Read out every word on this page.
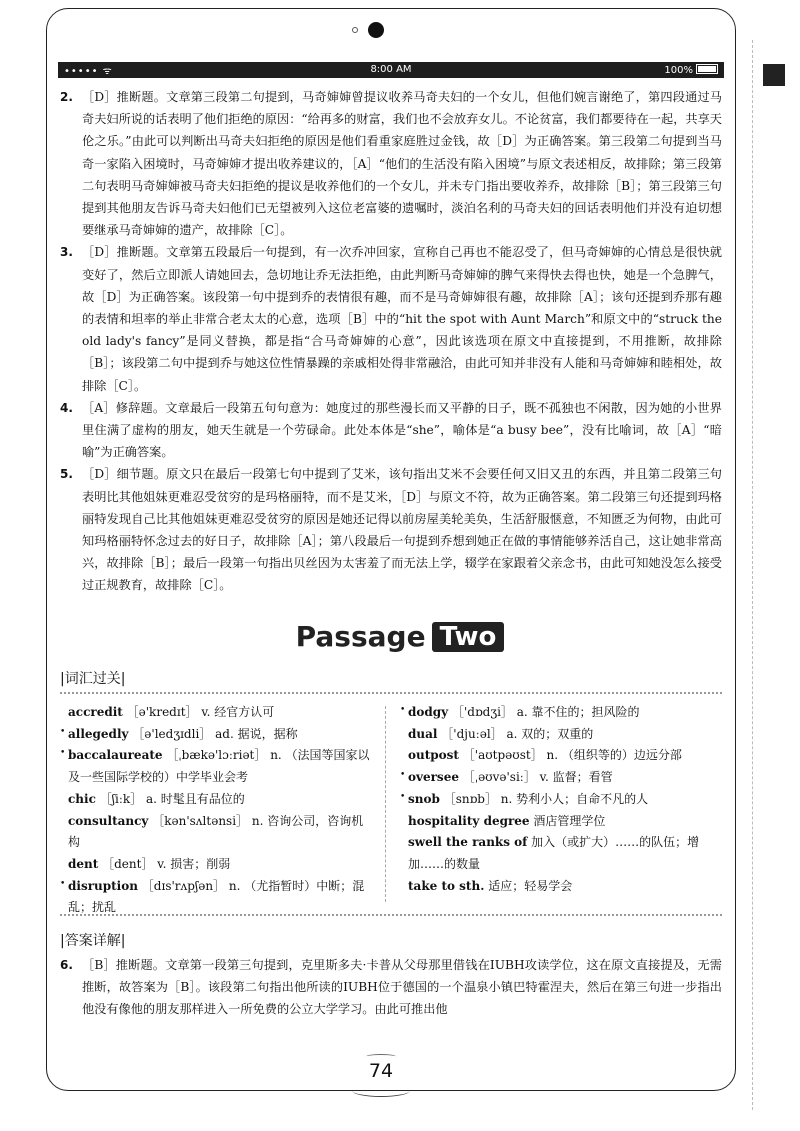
••••• ᯤ	8:00 AM	100%

2. ［D］推断题。文章第三段第二句提到，马奇婶婶曾提议收养马奇夫妇的一个女儿，但他们婉言谢绝了，第四段通过马奇夫妇所说的话表明了他们拒绝的原因：“给再多的财富，我们也不会放弃女儿。不论贫富，我们都要待在一起，共享天伦之乐。”由此可以判断出马奇夫妇拒绝的原因是他们看重家庭胜过金钱，故［D］为正确答案。第三段第二句提到当马奇一家陷入困境时，马奇婶婶才提出收养建议的，［A］“他们的生活没有陷入困境”与原文表述相反，故排除；第三段第二句表明马奇婶婶被马奇夫妇拒绝的提议是收养他们的一个女儿，并未专门指出要收养乔，故排除［B］；第三段第三句提到其他朋友告诉马奇夫妇他们已无望被列入这位老富婆的遗嘱时，淡泊名利的马奇夫妇的回话表明他们并没有迫切想要继承马奇婶婶的遗产，故排除［C］。

3. ［D］推断题。文章第五段最后一句提到，有一次乔冲回家，宣称自己再也不能忍受了，但马奇婶婶的心情总是很快就变好了，然后立即派人请她回去，急切地让乔无法拒绝，由此判断马奇婶婶的脾气来得快去得也快，她是一个急脾气，故［D］为正确答案。该段第一句中提到乔的表情很有趣，而不是马奇婶婶很有趣，故排除［A］；该句还提到乔那有趣的表情和坦率的举止非常合老太太的心意，选项［B］中的“hit the spot with Aunt March”和原文中的“struck the old lady's fancy”是同义替换，都是指“合马奇婶婶的心意”，因此该选项在原文中直接提到，不用推断，故排除［B］；该段第二句中提到乔与她这位性情暴躁的亲戚相处得非常融洽，由此可知并非没有人能和马奇婶婶和睦相处，故排除［C］。

4. ［A］修辞题。文章最后一段第五句句意为：她度过的那些漫长而又平静的日子，既不孤独也不闲散，因为她的小世界里住满了虚构的朋友，她天生就是一个劳碌命。此处本体是“she”，喻体是“a busy bee”，没有比喻词，故［A］“暗喻”为正确答案。

5. ［D］细节题。原文只在最后一段第七句中提到了艾米，该句指出艾米不会要任何又旧又丑的东西，并且第二段第三句表明比其他姐妹更难忍受贫穷的是玛格丽特，而不是艾米，［D］与原文不符，故为正确答案。第二段第三句还提到玛格丽特发现自己比其他姐妹更难忍受贫穷的原因是她还记得以前房屋美轮美奂，生活舒服惬意，不知匮乏为何物，由此可知玛格丽特怀念过去的好日子，故排除［A］；第八段最后一句提到乔想到她正在做的事情能够养活自己，这让她非常高兴，故排除［B］；最后一段第一句指出贝丝因为太害羞了而无法上学，辍学在家跟着父亲念书，由此可知她没怎么接受过正规教育，故排除［C］。

Passage Two
|词汇过关|
accredit ［ə'kredɪt］ v. 经官方认可
• allegedly ［ə'ledʒɪdli］ ad. 据说，据称
• baccalaureate ［ˌbækə'lɔːriət］ n. （法国等国家以及一些国际学校的）中学毕业会考
chic ［ʃiːk］ a. 时髦且有品位的
consultancy ［kən'sʌltənsi］ n. 咨询公司，咨询机构
dent ［dent］ v. 损害；削弱
• disruption ［dɪs'rʌpʃən］ n. （尤指暂时）中断；混乱；扰乱
• dodgy ［'dɒdʒi］ a. 靠不住的；担风险的
dual ［'djuːəl］ a. 双的；双重的
outpost ［'aʊtpəʊst］ n. （组织等的）边远分部
• oversee ［ˌəʊvə'siː］ v. 监督；看管
• snob ［snɒb］ n. 势利小人；自命不凡的人
hospitality degree 酒店管理学位
swell the ranks of 加入（或扩大）……的队伍；增加……的数量
take to sth. 适应；轻易学会
|答案详解|

6. ［B］推断题。文章第一段第三句提到，克里斯多夫·卡普从父母那里借钱在IUBH攻读学位，这在原文直接提及，无需推断，故答案为［B］。该段第二句指出他所读的IUBH位于德国的一个温泉小镇巴特霍涅夫，然后在第三句进一步指出他没有像他的朋友那样进入一所免费的公立大学学习。由此可推出他

74
